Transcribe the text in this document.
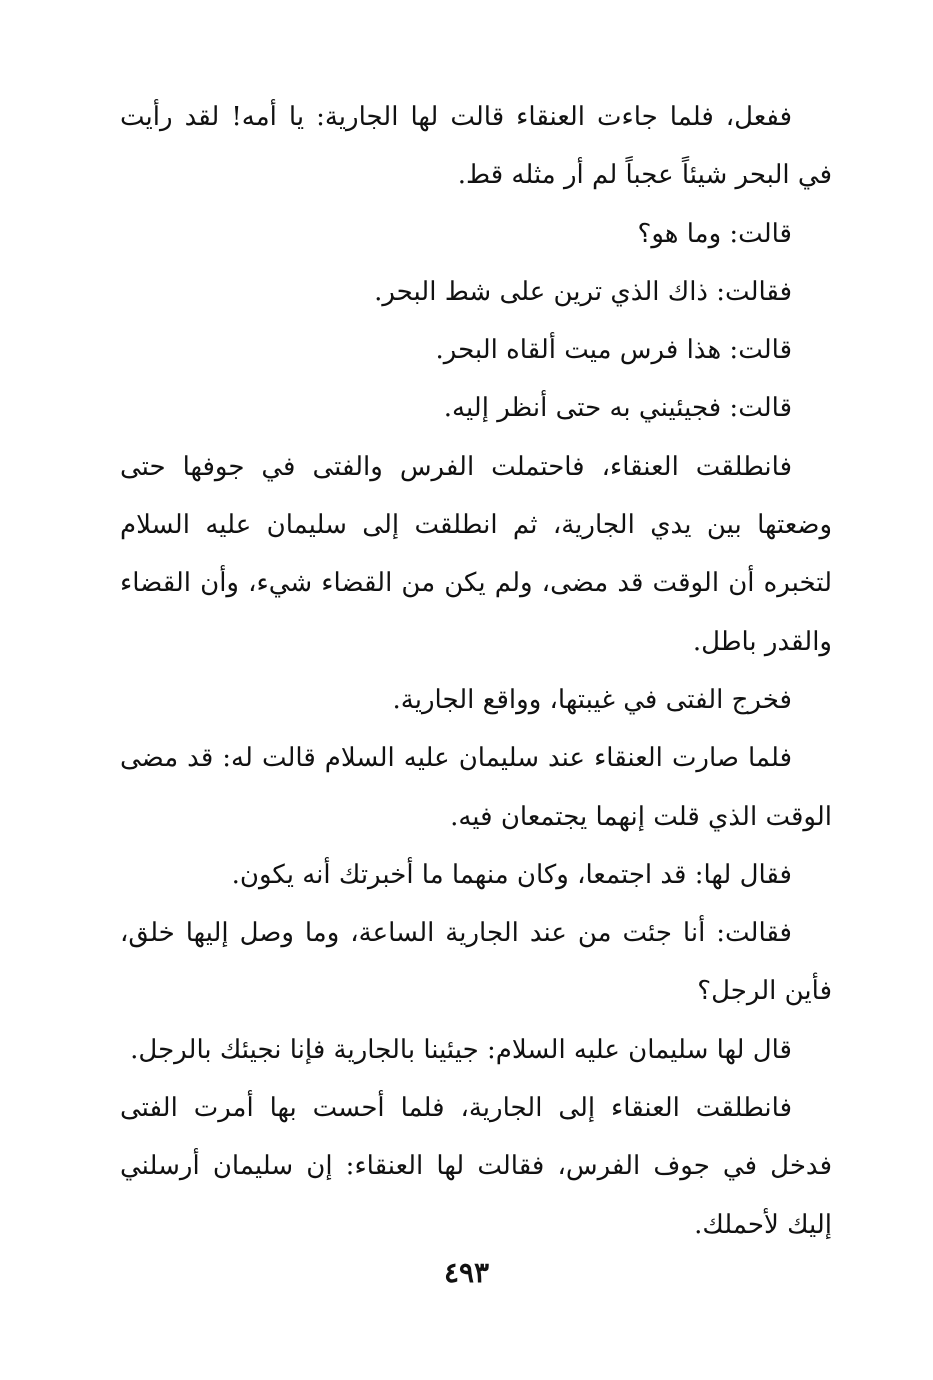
ففعل، فلما جاءت العنقاء قالت لها الجارية: يا أمه! لقد رأيت في البحر شيئاً عجباً لم أر مثله قط.

قالت: وما هو؟

فقالت: ذاك الذي ترين على شط البحر.

قالت: هذا فرس ميت ألقاه البحر.

قالت: فجيئيني به حتى أنظر إليه.

فانطلقت العنقاء، فاحتملت الفرس والفتى في جوفها حتى وضعتها بين يدي الجارية، ثم انطلقت إلى سليمان عليه السلام لتخبره أن الوقت قد مضى، ولم يكن من القضاء شيء، وأن القضاء والقدر باطل.

فخرج الفتى في غيبتها، وواقع الجارية.

فلما صارت العنقاء عند سليمان عليه السلام قالت له: قد مضى الوقت الذي قلت إنهما يجتمعان فيه.

فقال لها: قد اجتمعا، وكان منهما ما أخبرتك أنه يكون.

فقالت: أنا جئت من عند الجارية الساعة، وما وصل إليها خلق، فأين الرجل؟

قال لها سليمان عليه السلام: جيئينا بالجارية فإنا نجيئك بالرجل.

فانطلقت العنقاء إلى الجارية، فلما أحست بها أمرت الفتى فدخل في جوف الفرس، فقالت لها العنقاء: إن سليمان أرسلني إليك لأحملك.

٤٩٣
